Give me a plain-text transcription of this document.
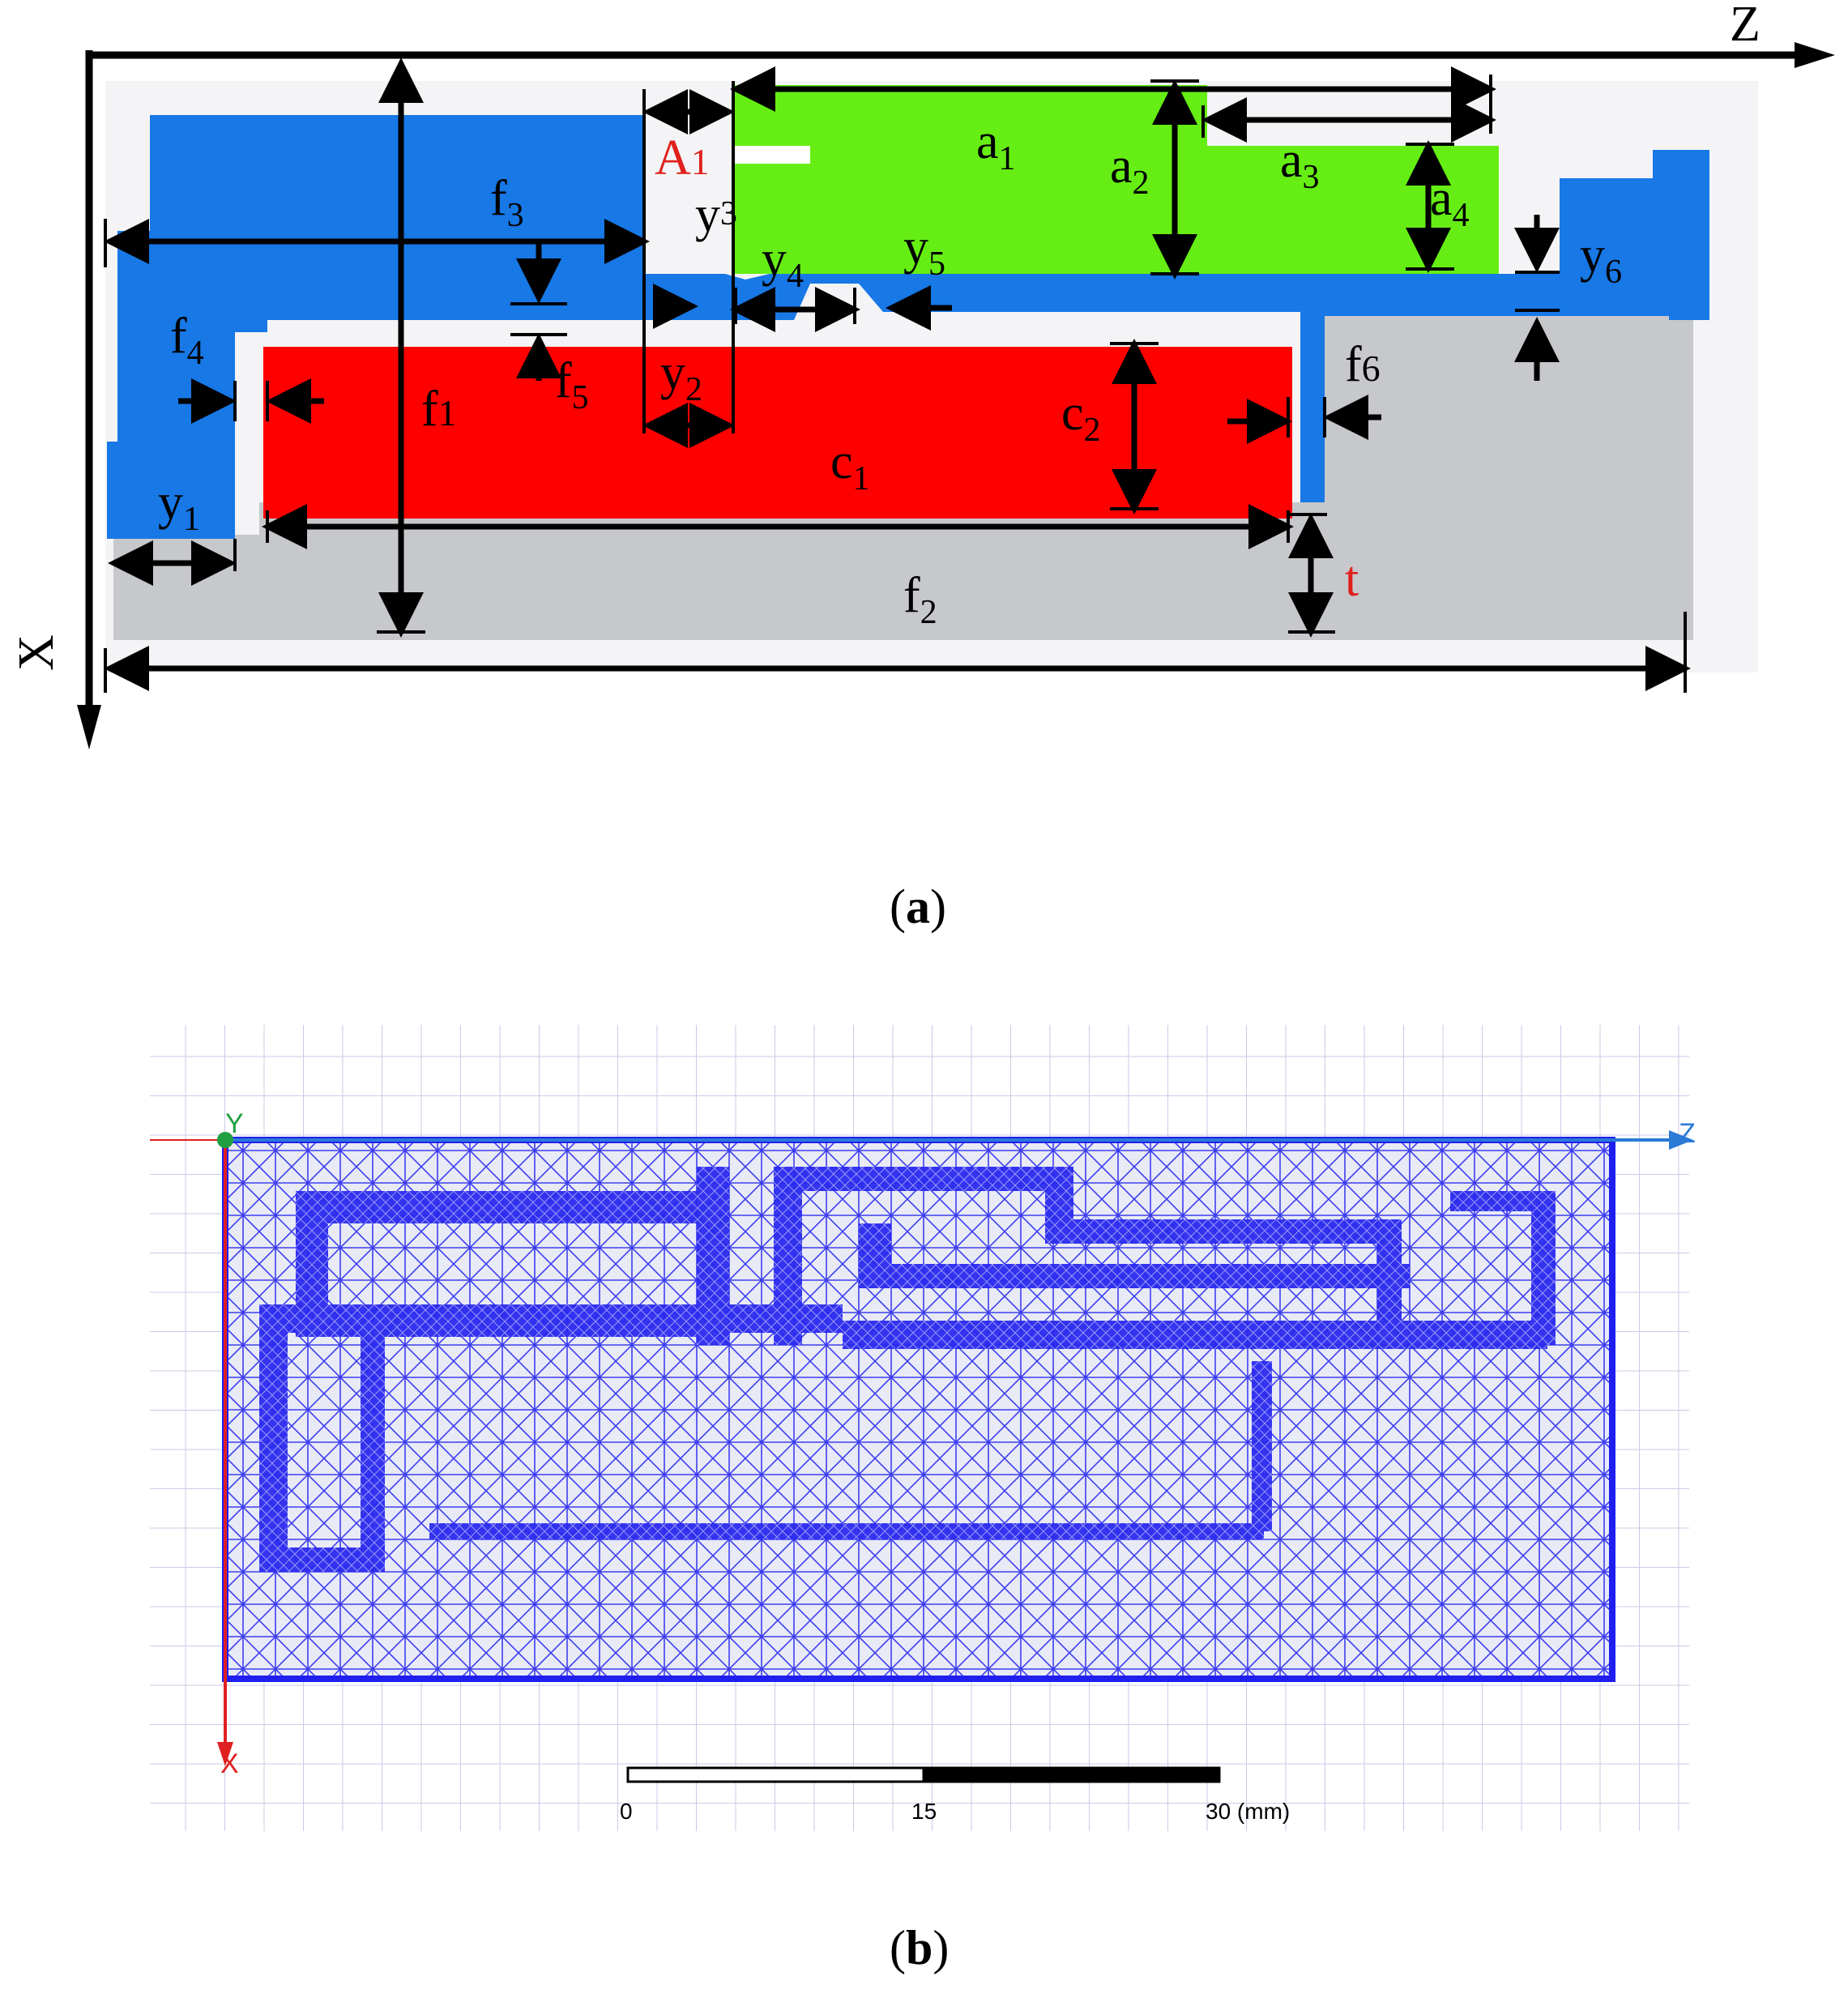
Z
X
$a_1$ $a_2$	$a_3$ $a_4$
A1
$f_3$
f1
$f_4$	$f_5$
f6
$f_2$
$c_1$
$c_2$
t
$y_1$
$y_2$
y3
$y_4$
$y_5$	$y_6$
Y	Z
X
0	15	30 (mm)
(a)
(b)
